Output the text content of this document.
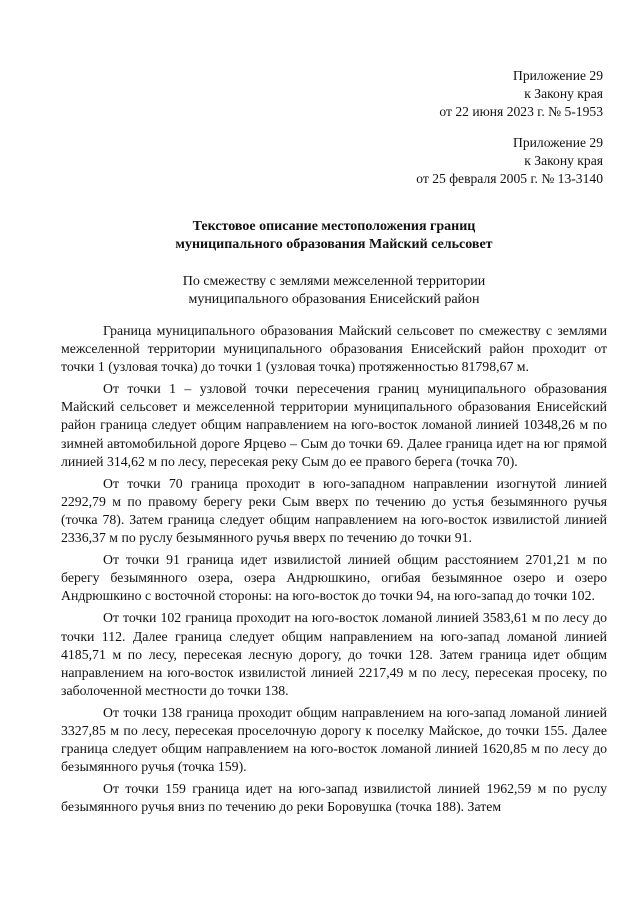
Приложение 29
к Закону края
от 22 июня 2023 г. № 5-1953
Приложение 29
к Закону края
от 25 февраля 2005 г. № 13-3140
Текстовое описание местоположения границ
муниципального образования Майский сельсовет
По смежеству с землями межселенной территории
муниципального образования Енисейский район

Граница муниципального образования Майский сельсовет по смежеству с землями межселенной территории муниципального образования Енисейский район проходит от точки 1 (узловая точка) до точки 1 (узловая точка) протяженностью 81798,67 м.

От точки 1 – узловой точки пересечения границ муниципального образования Майский сельсовет и межселенной территории муниципального образования Енисейский район граница следует общим направлением на юго-восток ломаной линией 10348,26 м по зимней автомобильной дороге Ярцево – Сым до точки 69. Далее граница идет на юг прямой линией 314,62 м по лесу, пересекая реку Сым до ее правого берега (точка 70).

От точки 70 граница проходит в юго-западном направлении изогнутой линией 2292,79 м по правому берегу реки Сым вверх по течению до устья безымянного ручья (точка 78). Затем граница следует общим направлением на юго-восток извилистой линией 2336,37 м по руслу безымянного ручья вверх по течению до точки 91.

От точки 91 граница идет извилистой линией общим расстоянием 2701,21 м по берегу безымянного озера, озера Андрюшкино, огибая безымянное озеро и озеро Андрюшкино с восточной стороны: на юго-восток до точки 94, на юго-запад до точки 102.

От точки 102 граница проходит на юго-восток ломаной линией 3583,61 м по лесу до точки 112. Далее граница следует общим направлением на юго-запад ломаной линией 4185,71 м по лесу, пересекая лесную дорогу, до точки 128. Затем граница идет общим направлением на юго-восток извилистой линией 2217,49 м по лесу, пересекая просеку, по заболоченной местности до точки 138.

От точки 138 граница проходит общим направлением на юго-запад ломаной линией 3327,85 м по лесу, пересекая проселочную дорогу к поселку Майское, до точки 155. Далее граница следует общим направлением на юго-восток ломаной линией 1620,85 м по лесу до безымянного ручья (точка 159).

От точки 159 граница идет на юго-запад извилистой линией 1962,59 м по руслу безымянного ручья вниз по течению до реки Боровушка (точка 188). Затем
